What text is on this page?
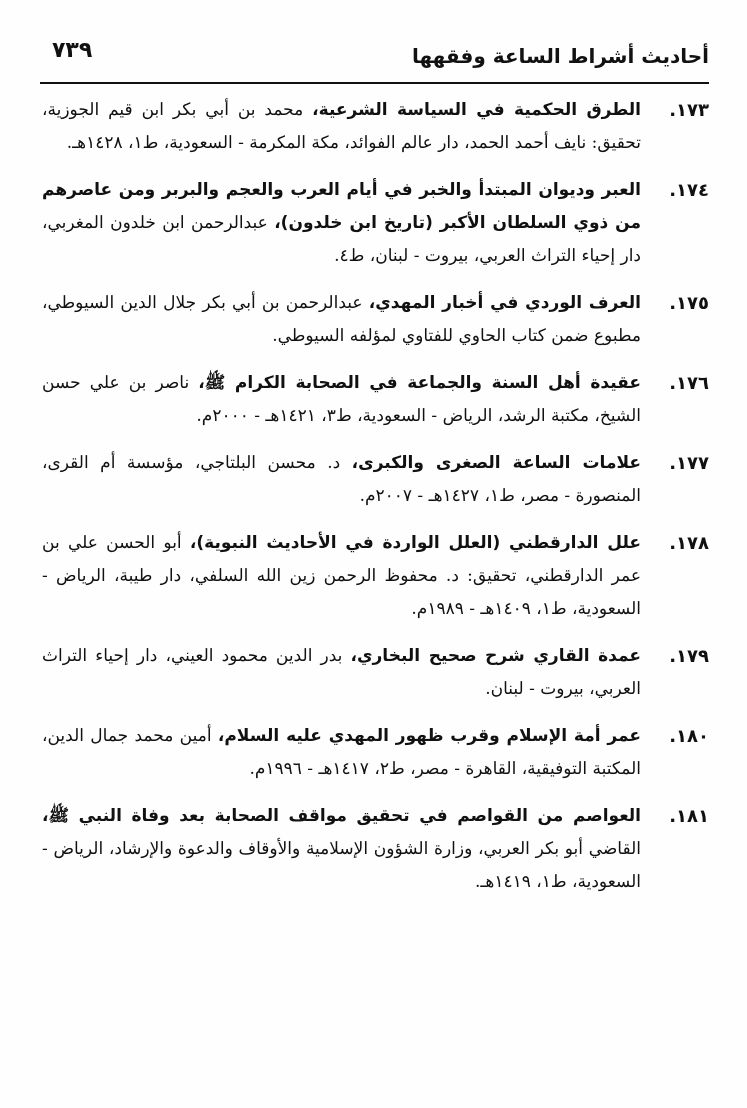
أحاديث أشراط الساعة وفقهها
٧٣٩
١٧٣.
الطرق الحكمية في السياسة الشرعية، محمد بن أبي بكر ابن قيم الجوزية، تحقيق: نايف أحمد الحمد، دار عالم الفوائد، مكة المكرمة - السعودية، ط١، ١٤٢٨هـ.
١٧٤.
العبر وديوان المبتدأ والخبر في أيام العرب والعجم والبربر ومن عاصرهم من ذوي السلطان الأكبر (تاريخ ابن خلدون)، عبدالرحمن ابن خلدون المغربي، دار إحياء التراث العربي، بيروت - لبنان، ط٤.
١٧٥.
العرف الوردي في أخبار المهدي، عبدالرحمن بن أبي بكر جلال الدين السيوطي، مطبوع ضمن كتاب الحاوي للفتاوي لمؤلفه السيوطي.
١٧٦.
عقيدة أهل السنة والجماعة في الصحابة الكرام ﷺ، ناصر بن علي حسن الشيخ، مكتبة الرشد، الرياض - السعودية، ط٣، ١٤٢١هـ - ٢٠٠٠م.
١٧٧.
علامات الساعة الصغرى والكبرى، د. محسن البلتاجي، مؤسسة أم القرى، المنصورة - مصر، ط١، ١٤٢٧هـ - ٢٠٠٧م.
١٧٨.
علل الدارقطني (العلل الواردة في الأحاديث النبوية)، أبو الحسن علي بن عمر الدارقطني، تحقيق: د. محفوظ الرحمن زين الله السلفي، دار طيبة، الرياض - السعودية، ط١، ١٤٠٩هـ - ١٩٨٩م.
١٧٩.
عمدة القاري شرح صحيح البخاري، بدر الدين محمود العيني، دار إحياء التراث العربي، بيروت - لبنان.
١٨٠.
عمر أمة الإسلام وقرب ظهور المهدي عليه السلام، أمين محمد جمال الدين، المكتبة التوفيقية، القاهرة - مصر، ط٢، ١٤١٧هـ - ١٩٩٦م.
١٨١.
العواصم من القواصم في تحقيق مواقف الصحابة بعد وفاة النبي ﷺ، القاضي أبو بكر العربي، وزارة الشؤون الإسلامية والأوقاف والدعوة والإرشاد، الرياض - السعودية، ط١، ١٤١٩هـ.
